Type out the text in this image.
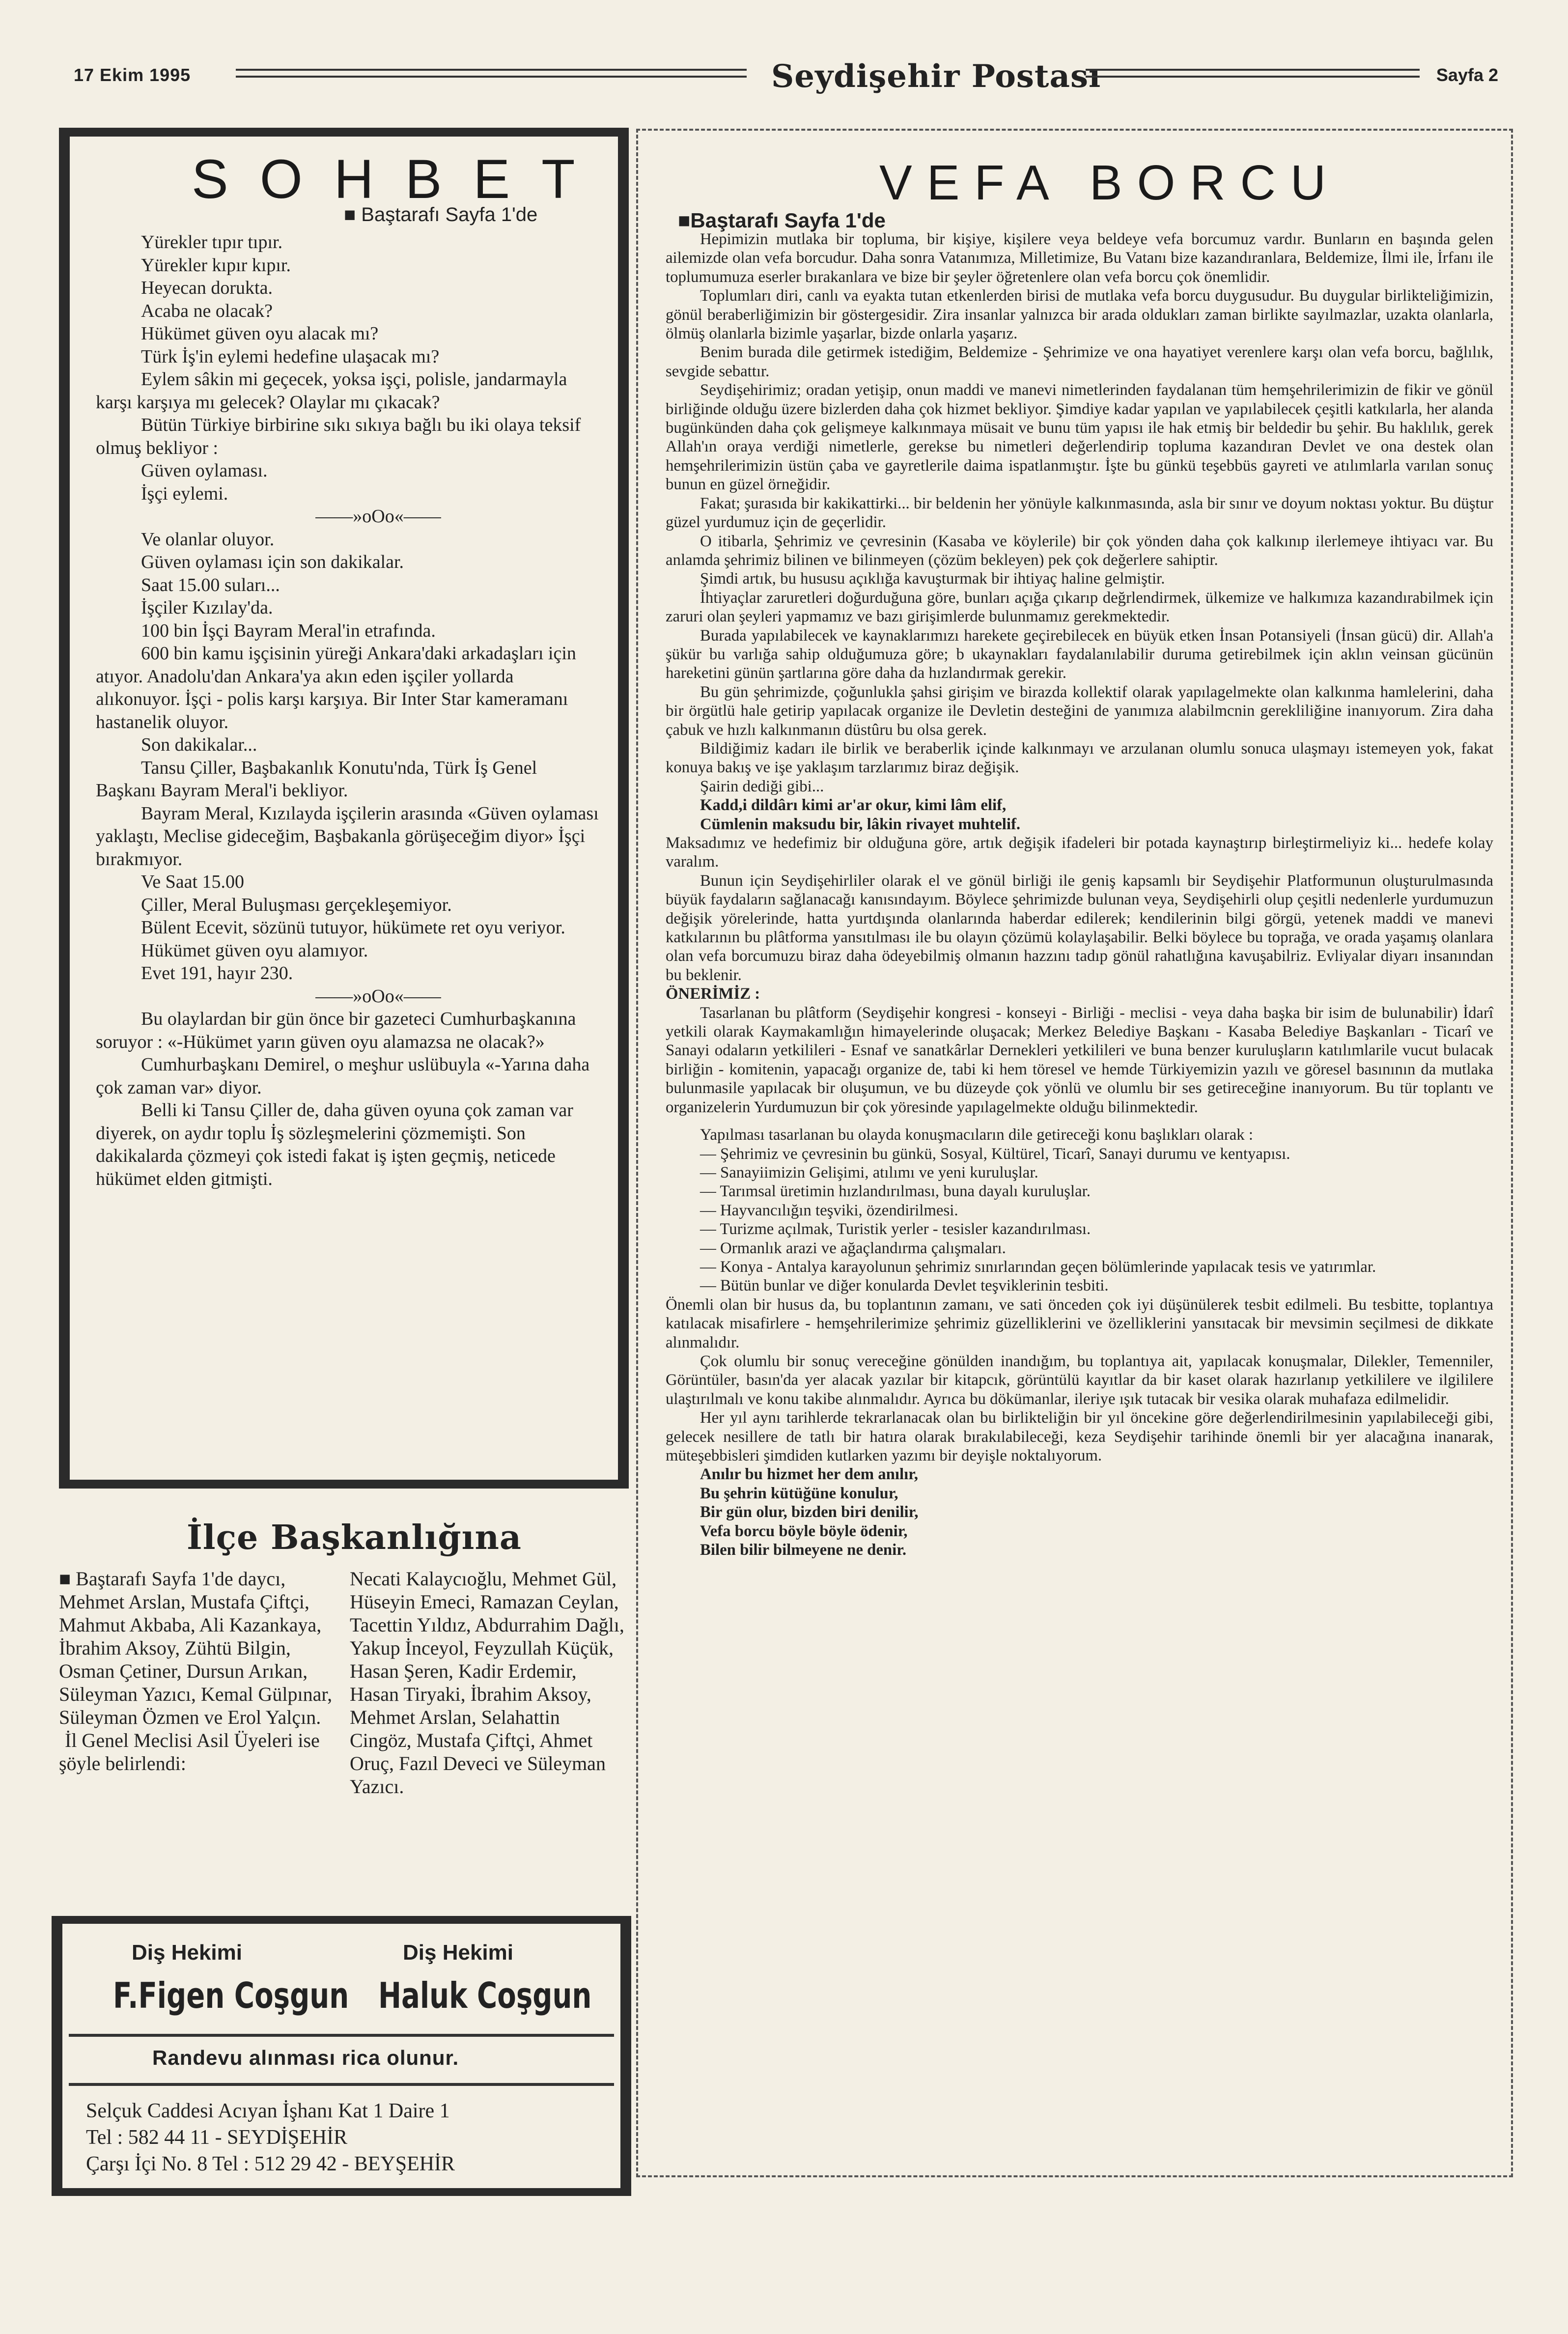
17 Ekim 1995	Seydişehir Postası	Sayfa 2
SOHBET
■ Baştarafı Sayfa 1'de

Yürekler tıpır tıpır.

Yürekler kıpır kıpır.

Heyecan dorukta.

Acaba ne olacak?

Hükümet güven oyu alacak mı?

Türk İş'in eylemi hedefine ulaşacak mı?

Eylem sâkin mi geçecek, yoksa işçi, polisle, jandarmayla karşı karşıya mı gelecek? Olaylar mı çıkacak?

Bütün Türkiye birbirine sıkı sıkıya bağlı bu iki olaya teksif olmuş bekliyor :

Güven oylaması.

İşçi eylemi.

——»oOo«——

Ve olanlar oluyor.

Güven oylaması için son dakikalar.

Saat 15.00 suları...

İşçiler Kızılay'da.

100 bin İşçi Bayram Meral'in etrafında.

600 bin kamu işçisinin yüreği Ankara'daki arkadaşları için atıyor. Anadolu'dan Ankara'ya akın eden işçiler yollarda alıkonuyor. İşçi - polis karşı karşıya. Bir Inter Star kameramanı hastanelik oluyor.

Son dakikalar...

Tansu Çiller, Başbakanlık Konutu'nda, Türk İş Genel Başkanı Bayram Meral'i bekliyor.

Bayram Meral, Kızılayda işçilerin arasında «Güven oylaması yaklaştı, Meclise gideceğim, Başbakanla görüşeceğim diyor» İşçi bırakmıyor.

Ve Saat 15.00

Çiller, Meral Buluşması gerçekleşemiyor.

Bülent Ecevit, sözünü tutuyor, hükümete ret oyu veriyor.

Hükümet güven oyu alamıyor.

Evet 191, hayır 230.

——»oOo«——

Bu olaylardan bir gün önce bir gazeteci Cumhurbaşkanına soruyor : «-Hükümet yarın güven oyu alamazsa ne olacak?»

Cumhurbaşkanı Demirel, o meşhur uslübuyla «-Yarına daha çok zaman var» diyor.

Belli ki Tansu Çiller de, daha güven oyuna çok zaman var diyerek, on aydır toplu İş sözleşmelerini çözmemişti. Son dakikalarda çözmeyi çok istedi fakat iş işten geçmiş, neticede hükümet elden gitmişti.

İlçe Başkanlığına

■ Baştarafı Sayfa 1'de daycı, Mehmet Arslan, Mustafa Çiftçi, Mahmut Akbaba, Ali Kazankaya, İbrahim Aksoy, Zühtü Bilgin, Osman Çetiner, Dursun Arıkan, Süleyman Yazıcı, Kemal Gülpınar, Süleyman Özmen ve Erol Yalçın.

İl Genel Meclisi Asil Üyeleri ise şöyle belirlendi:

Necati Kalaycıoğlu, Mehmet Gül, Hüseyin Emeci, Ramazan Ceylan, Tacettin Yıldız, Abdurrahim Dağlı, Yakup İnceyol, Feyzullah Küçük, Hasan Şeren, Kadir Erdemir, Hasan Tiryaki, İbrahim Aksoy, Mehmet Arslan, Selahattin Cingöz, Mustafa Çiftçi, Ahmet Oruç, Fazıl Deveci ve Süleyman Yazıcı.

Diş Hekimi	Diş Hekimi
F.Figen Coşgun Haluk Coşgun
Randevu alınması rica olunur.

Selçuk Caddesi Acıyan İşhanı Kat 1 Daire 1

Tel : 582 44 11 - SEYDİŞEHİR

Çarşı İçi No. 8 Tel : 512 29 42 - BEYŞEHİR

VEFA BORCU
■Baştarafı Sayfa 1'de

Hepimizin mutlaka bir topluma, bir kişiye, kişilere veya beldeye vefa borcumuz vardır. Bunların en başında gelen ailemizde olan vefa borcudur. Daha sonra Vatanımıza, Milletimize, Bu Vatanı bize kazandıranlara, Beldemize, İlmi ile, İrfanı ile toplumumuza eserler bırakanlara ve bize bir şeyler öğretenlere olan vefa borcu çok önemlidir.

Toplumları diri, canlı va eyakta tutan etkenlerden birisi de mutlaka vefa borcu duygusudur. Bu duygular birlikteliğimizin, gönül beraberliğimizin bir göstergesidir. Zira insanlar yalnızca bir arada oldukları zaman birlikte sayılmazlar, uzakta olanlarla, ölmüş olanlarla bizimle yaşarlar, bizde onlarla yaşarız.

Benim burada dile getirmek istediğim, Beldemize - Şehrimize ve ona hayatiyet verenlere karşı olan vefa borcu, bağlılık, sevgide sebattır.

Seydişehirimiz; oradan yetişip, onun maddi ve manevi nimetlerinden faydalanan tüm hemşehrilerimizin de fikir ve gönül birliğinde olduğu üzere bizlerden daha çok hizmet bekliyor. Şimdiye kadar yapılan ve yapılabilecek çeşitli katkılarla, her alanda bugünkünden daha çok gelişmeye kalkınmaya müsait ve bunu tüm yapısı ile hak etmiş bir beldedir bu şehir. Bu haklılık, gerek Allah'ın oraya verdiği nimetlerle, gerekse bu nimetleri değerlendirip topluma kazandıran Devlet ve ona destek olan hemşehrilerimizin üstün çaba ve gayretlerile daima ispatlanmıştır. İşte bu günkü teşebbüs gayreti ve atılımlarla varılan sonuç bunun en güzel örneğidir.

Fakat; şurasıda bir kakikattirki... bir beldenin her yönüyle kalkınmasında, asla bir sınır ve doyum noktası yoktur. Bu düştur güzel yurdumuz için de geçerlidir.

O itibarla, Şehrimiz ve çevresinin (Kasaba ve köylerile) bir çok yönden daha çok kalkınıp ilerlemeye ihtiyacı var. Bu anlamda şehrimiz bilinen ve bilinmeyen (çözüm bekleyen) pek çok değerlere sahiptir.

Şimdi artık, bu hususu açıklığa kavuşturmak bir ihtiyaç haline gelmiştir.

İhtiyaçlar zaruretleri doğurduğuna göre, bunları açığa çıkarıp değrlendirmek, ülkemize ve halkımıza kazandırabilmek için zaruri olan şeyleri yapmamız ve bazı girişimlerde bulunmamız gerekmektedir.

Burada yapılabilecek ve kaynaklarımızı harekete geçirebilecek en büyük etken İnsan Potansiyeli (İnsan gücü) dir. Allah'a şükür bu varlığa sahip olduğumuza göre; b ukaynakları faydalanılabilir duruma getirebilmek için aklın veinsan gücünün hareketini günün şartlarına göre daha da hızlandırmak gerekir.

Bu gün şehrimizde, çoğunlukla şahsi girişim ve birazda kollektif olarak yapılagelmekte olan kalkınma hamlelerini, daha bir örgütlü hale getirip yapılacak organize ile Devletin desteğini de yanımıza alabilmcnin gerekliliğine inanıyorum. Zira daha çabuk ve hızlı kalkınmanın düstûru bu olsa gerek.

Bildiğimiz kadarı ile birlik ve beraberlik içinde kalkınmayı ve arzulanan olumlu sonuca ulaşmayı istemeyen yok, fakat konuya bakış ve işe yaklaşım tarzlarımız biraz değişik.

Şairin dediği gibi...

Kadd,i dildârı kimi ar'ar okur, kimi lâm elif,

Cümlenin maksudu bir, lâkin rivayet muhtelif.

Maksadımız ve hedefimiz bir olduğuna göre, artık değişik ifadeleri bir potada kaynaştırıp birleştirmeliyiz ki... hedefe kolay varalım.

Bunun için Seydişehirliler olarak el ve gönül birliği ile geniş kapsamlı bir Seydişehir Platformunun oluşturulmasında büyük faydaların sağlanacağı kanısındayım. Böylece şehrimizde bulunan veya, Seydişehirli olup çeşitli nedenlerle yurdumuzun değişik yörelerinde, hatta yurtdışında olanlarında haberdar edilerek; kendilerinin bilgi görgü, yetenek maddi ve manevi katkılarının bu plâtforma yansıtılması ile bu olayın çözümü kolaylaşabilir. Belki böylece bu toprağa, ve orada yaşamış olanlara olan vefa borcumuzu biraz daha ödeyebilmiş olmanın hazzını tadıp gönül rahatlığına kavuşabilriz. Evliyalar diyarı insanından bu beklenir.

ÖNERİMİZ :

Tasarlanan bu plâtform (Seydişehir kongresi - konseyi - Birliği - meclisi - veya daha başka bir isim de bulunabilir) İdarî yetkili olarak Kaymakamlığın himayelerinde oluşacak; Merkez Belediye Başkanı - Kasaba Belediye Başkanları - Ticarî ve Sanayi odaların yetkilileri - Esnaf ve sanatkârlar Dernekleri yetkilileri ve buna benzer kuruluşların katılımlarile vucut bulacak birliğin - komitenin, yapacağı organize de, tabi ki hem töresel ve hemde Türkiyemizin yazılı ve göresel basınının da mutlaka bulunmasile yapılacak bir oluşumun, ve bu düzeyde çok yönlü ve olumlu bir ses getireceğine inanıyorum. Bu tür toplantı ve organizelerin Yurdumuzun bir çok yöresinde yapılagelmekte olduğu bilinmektedir.

Yapılması tasarlanan bu olayda konuşmacıların dile getireceği konu başlıkları olarak :

— Şehrimiz ve çevresinin bu günkü, Sosyal, Kültürel, Ticarî, Sanayi durumu ve kentyapısı.
— Sanayiimizin Gelişimi, atılımı ve yeni kuruluşlar.
— Tarımsal üretimin hızlandırılması, buna dayalı kuruluşlar.
— Hayvancılığın teşviki, özendirilmesi.
— Turizme açılmak, Turistik yerler - tesisler kazandırılması.
— Ormanlık arazi ve ağaçlandırma çalışmaları.
— Konya - Antalya karayolunun şehrimiz sınırlarından geçen bölümlerinde yapılacak tesis ve yatırımlar.
— Bütün bunlar ve diğer konularda Devlet teşviklerinin tesbiti.

Önemli olan bir husus da, bu toplantının zamanı, ve sati önceden çok iyi düşünülerek tesbit edilmeli. Bu tesbitte, toplantıya katılacak misafirlere - hemşehrilerimize şehrimiz güzelliklerini ve özelliklerini yansıtacak bir mevsimin seçilmesi de dikkate alınmalıdır.

Çok olumlu bir sonuç vereceğine gönülden inandığım, bu toplantıya ait, yapılacak konuşmalar, Dilekler, Temenniler, Görüntüler, basın'da yer alacak yazılar bir kitapcık, görüntülü kayıtlar da bir kaset olarak hazırlanıp yetkililere ve ilgililere ulaştırılmalı ve konu takibe alınmalıdır. Ayrıca bu dökümanlar, ileriye ışık tutacak bir vesika olarak muhafaza edilmelidir.

Her yıl aynı tarihlerde tekrarlanacak olan bu birlikteliğin bir yıl öncekine göre değerlendirilmesinin yapılabileceği gibi, gelecek nesillere de tatlı bir hatıra olarak bırakılabileceği, keza Seydişehir tarihinde önemli bir yer alacağına inanarak, müteşebbisleri şimdiden kutlarken yazımı bir deyişle noktalıyorum.

Anılır bu hizmet her dem anılır,

Bu şehrin kütüğüne konulur,

Bir gün olur, bizden biri denilir,

Vefa borcu böyle böyle ödenir,

Bilen bilir bilmeyene ne denir.
